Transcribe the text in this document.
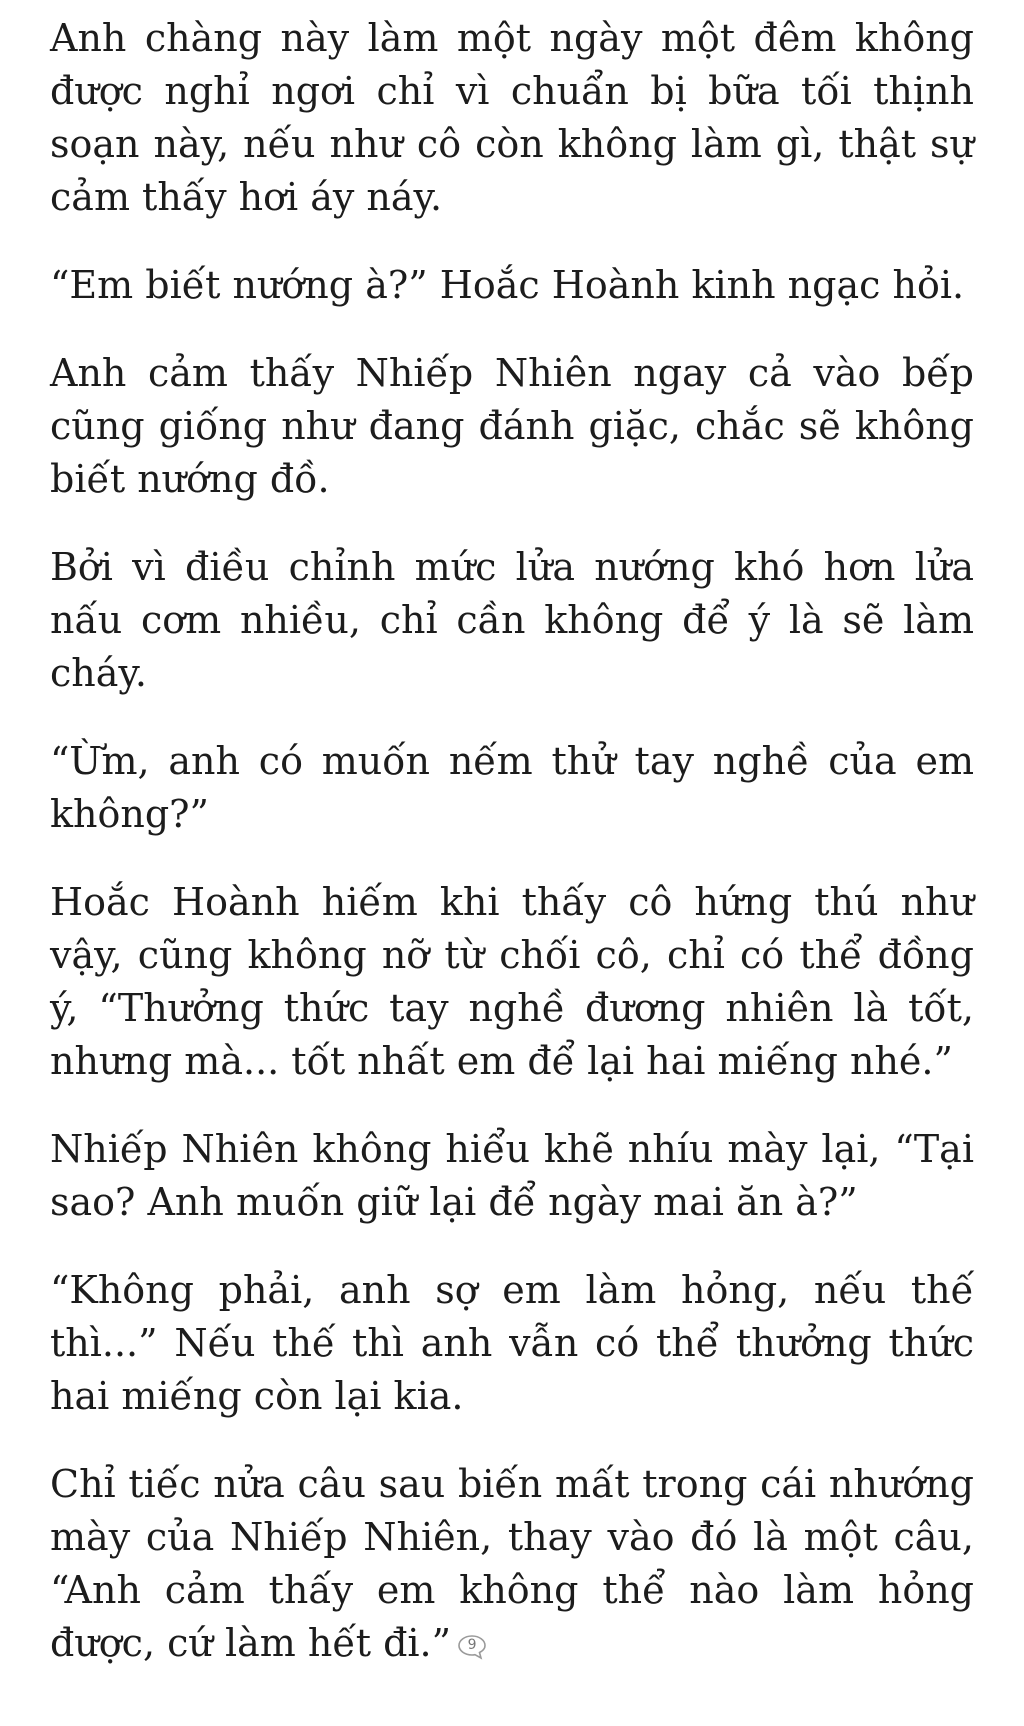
Anh chàng này làm một ngày một đêm không được nghỉ ngơi chỉ vì chuẩn bị bữa tối thịnh soạn này, nếu như cô còn không làm gì, thật sự cảm thấy hơi áy náy.

“Em biết nướng à?” Hoắc Hoành kinh ngạc hỏi.

Anh cảm thấy Nhiếp Nhiên ngay cả vào bếp cũng giống như đang đánh giặc, chắc sẽ không biết nướng đồ.

Bởi vì điều chỉnh mức lửa nướng khó hơn lửa nấu cơm nhiều, chỉ cần không để ý là sẽ làm cháy.

“Ừm, anh có muốn nếm thử tay nghề của em không?”

Hoắc Hoành hiếm khi thấy cô hứng thú như vậy, cũng không nỡ từ chối cô, chỉ có thể đồng ý, “Thưởng thức tay nghề đương nhiên là tốt, nhưng mà... tốt nhất em để lại hai miếng nhé.”

Nhiếp Nhiên không hiểu khẽ nhíu mày lại, “Tại sao? Anh muốn giữ lại để ngày mai ăn à?”

“Không phải, anh sợ em làm hỏng, nếu thế thì...” Nếu thế thì anh vẫn có thể thưởng thức hai miếng còn lại kia.

Chỉ tiếc nửa câu sau biến mất trong cái nhướng mày của Nhiếp Nhiên, thay vào đó là một câu, “Anh cảm thấy em không thể nào làm hỏng được, cứ làm hết đi.”	9
